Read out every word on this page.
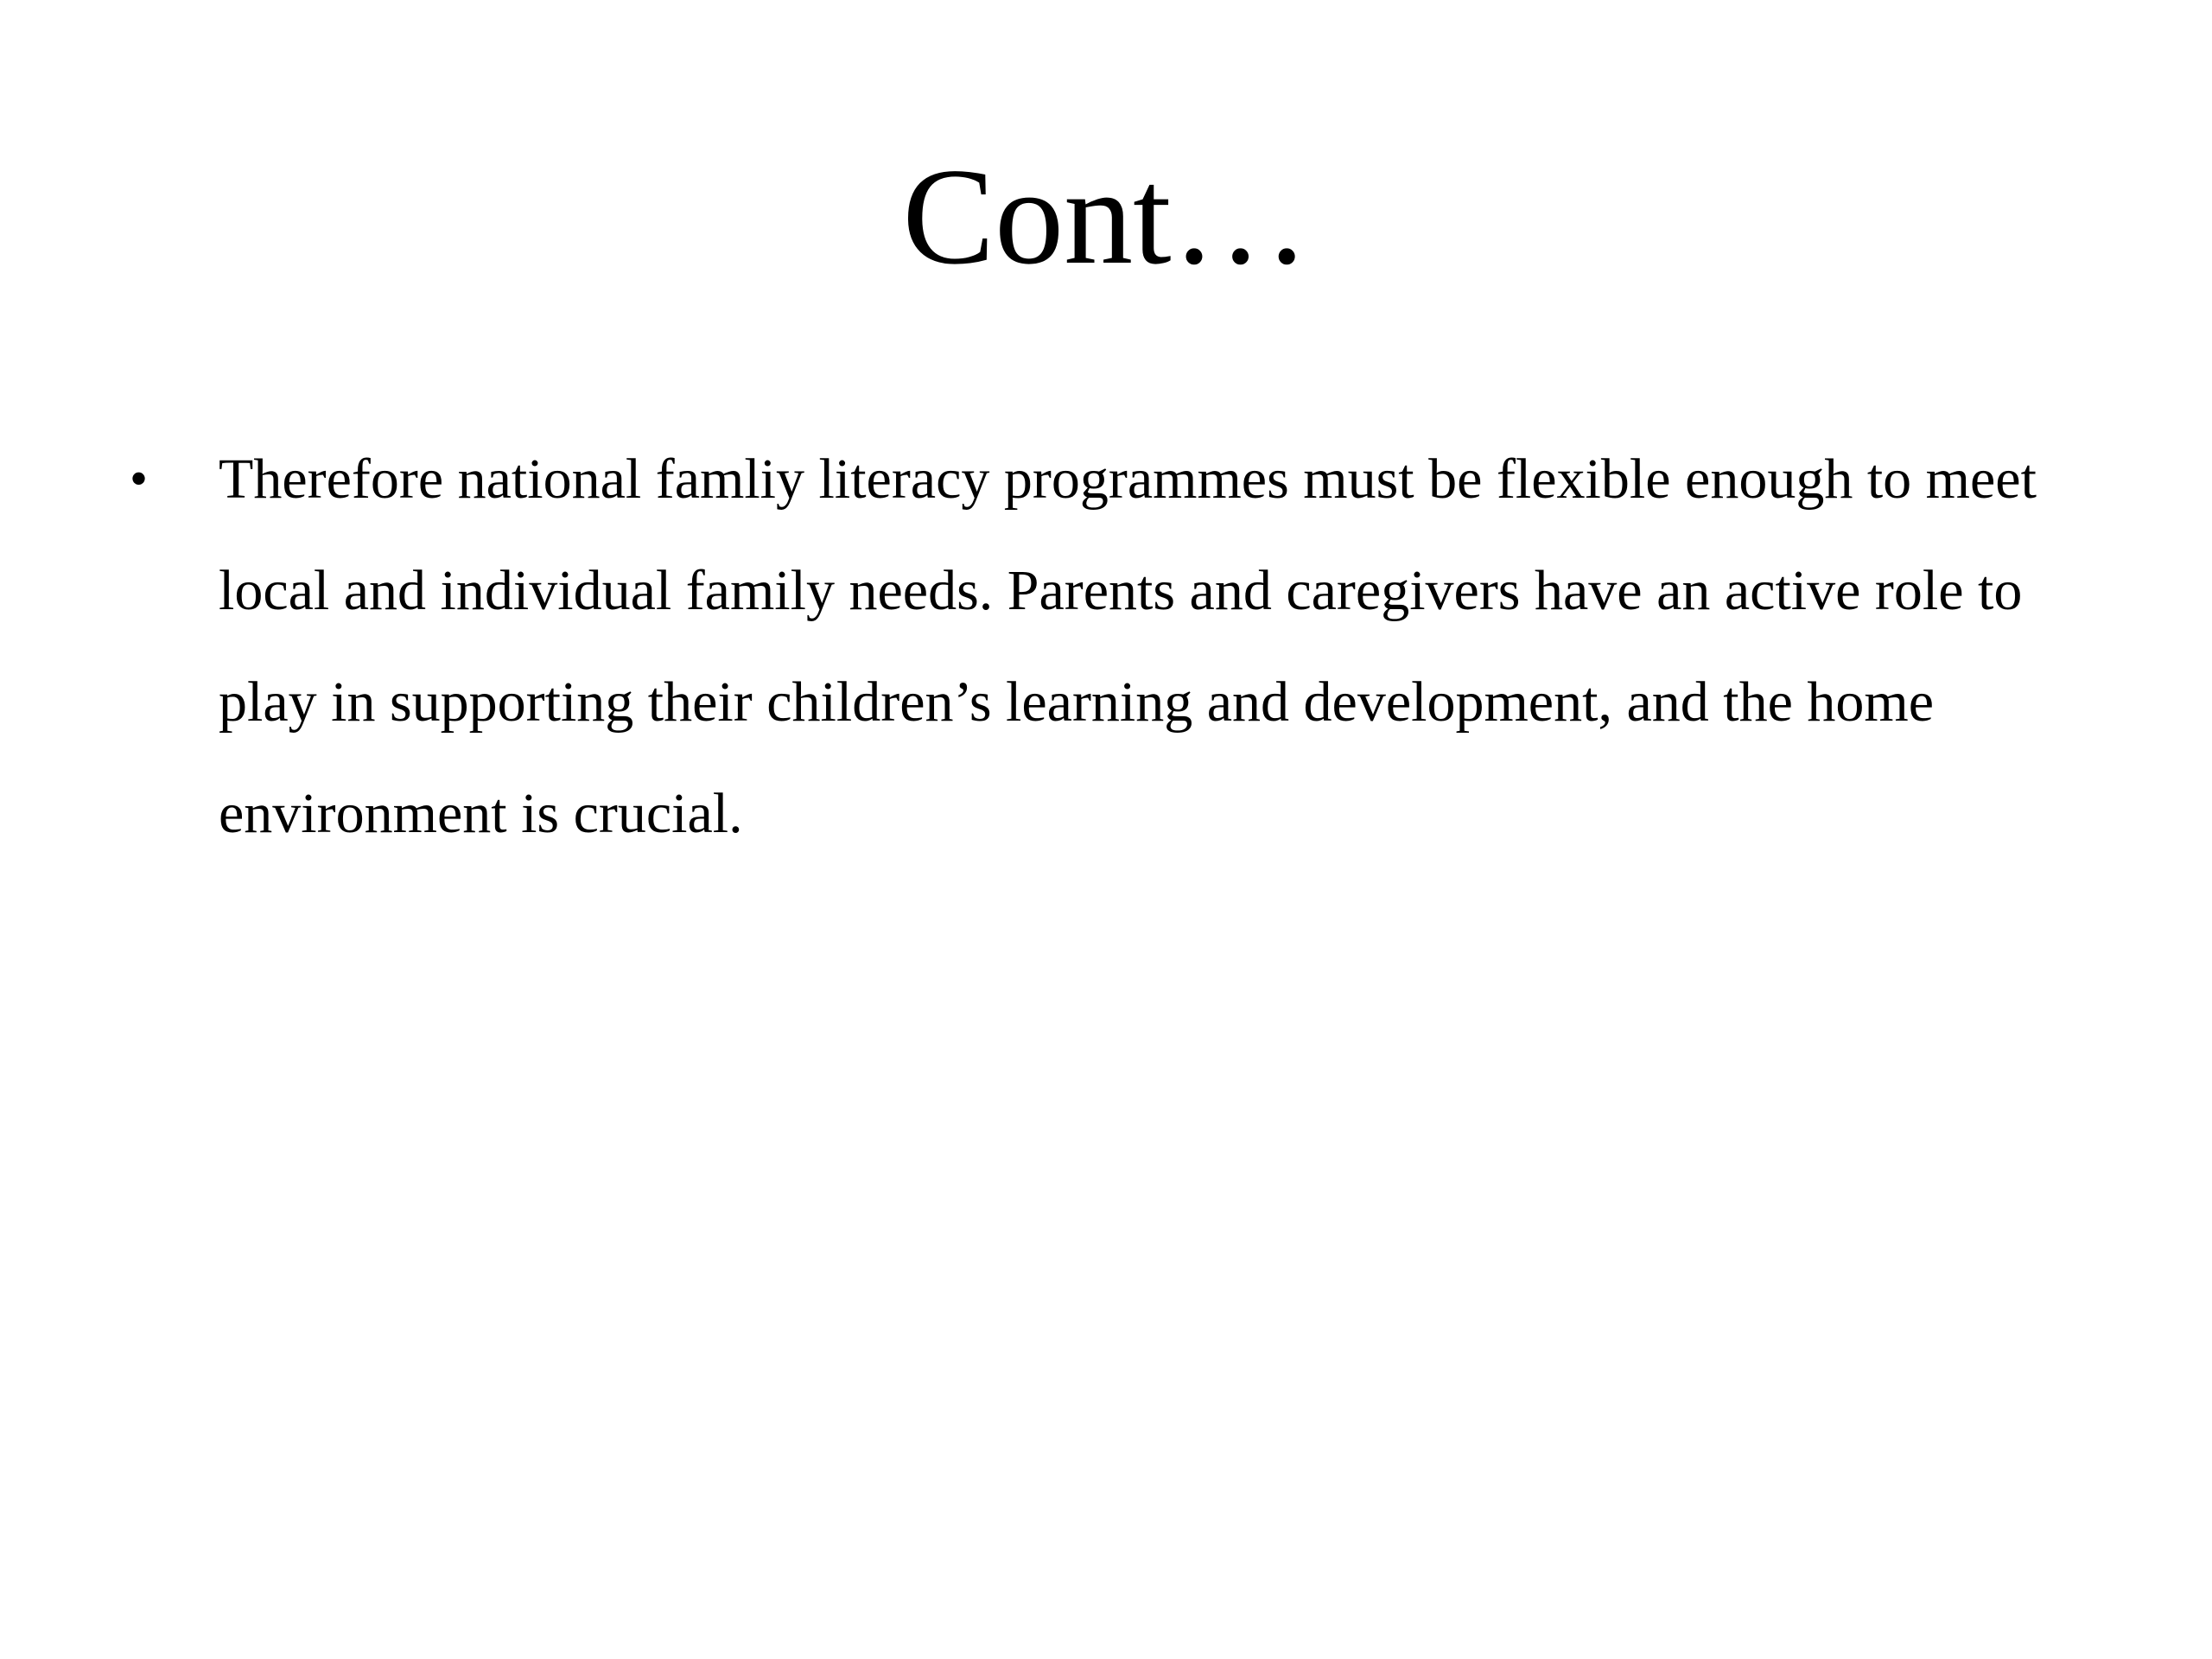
Cont…
• Therefore national famliy literacy programmes must be flexible enough to meet local and individual family needs. Parents and caregivers have an active role to play in supporting their children’s learning and development, and the home environment is crucial.
